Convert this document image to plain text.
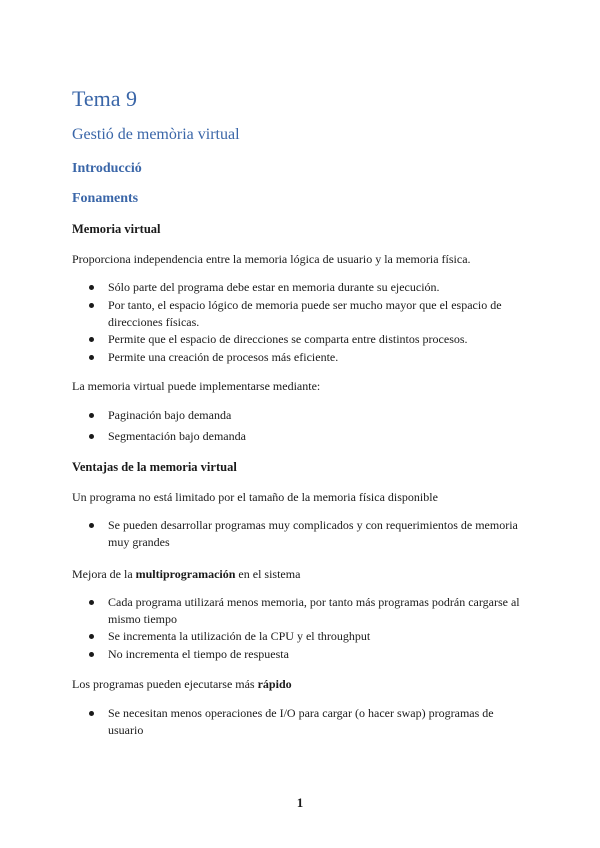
Tema 9
Gestió de memòria virtual
Introducció
Fonaments
Memoria virtual
Proporciona independencia entre la memoria lógica de usuario y la memoria física.
Sólo parte del programa debe estar en memoria durante su ejecución.
Por tanto, el espacio lógico de memoria puede ser mucho mayor que el espacio de direcciones físicas.
Permite que el espacio de direcciones se comparta entre distintos procesos.
Permite una creación de procesos más eficiente.
La memoria virtual puede implementarse mediante:
Paginación bajo demanda
Segmentación bajo demanda
Ventajas de la memoria virtual
Un programa no está limitado por el tamaño de la memoria física disponible
Se pueden desarrollar programas muy complicados y con requerimientos de memoria muy grandes
Mejora de la multiprogramación en el sistema
Cada programa utilizará menos memoria, por tanto más programas podrán cargarse al mismo tiempo
Se incrementa la utilización de la CPU y el throughput
No incrementa el tiempo de respuesta
Los programas pueden ejecutarse más rápido
Se necesitan menos operaciones de I/O para cargar (o hacer swap) programas de usuario
1
